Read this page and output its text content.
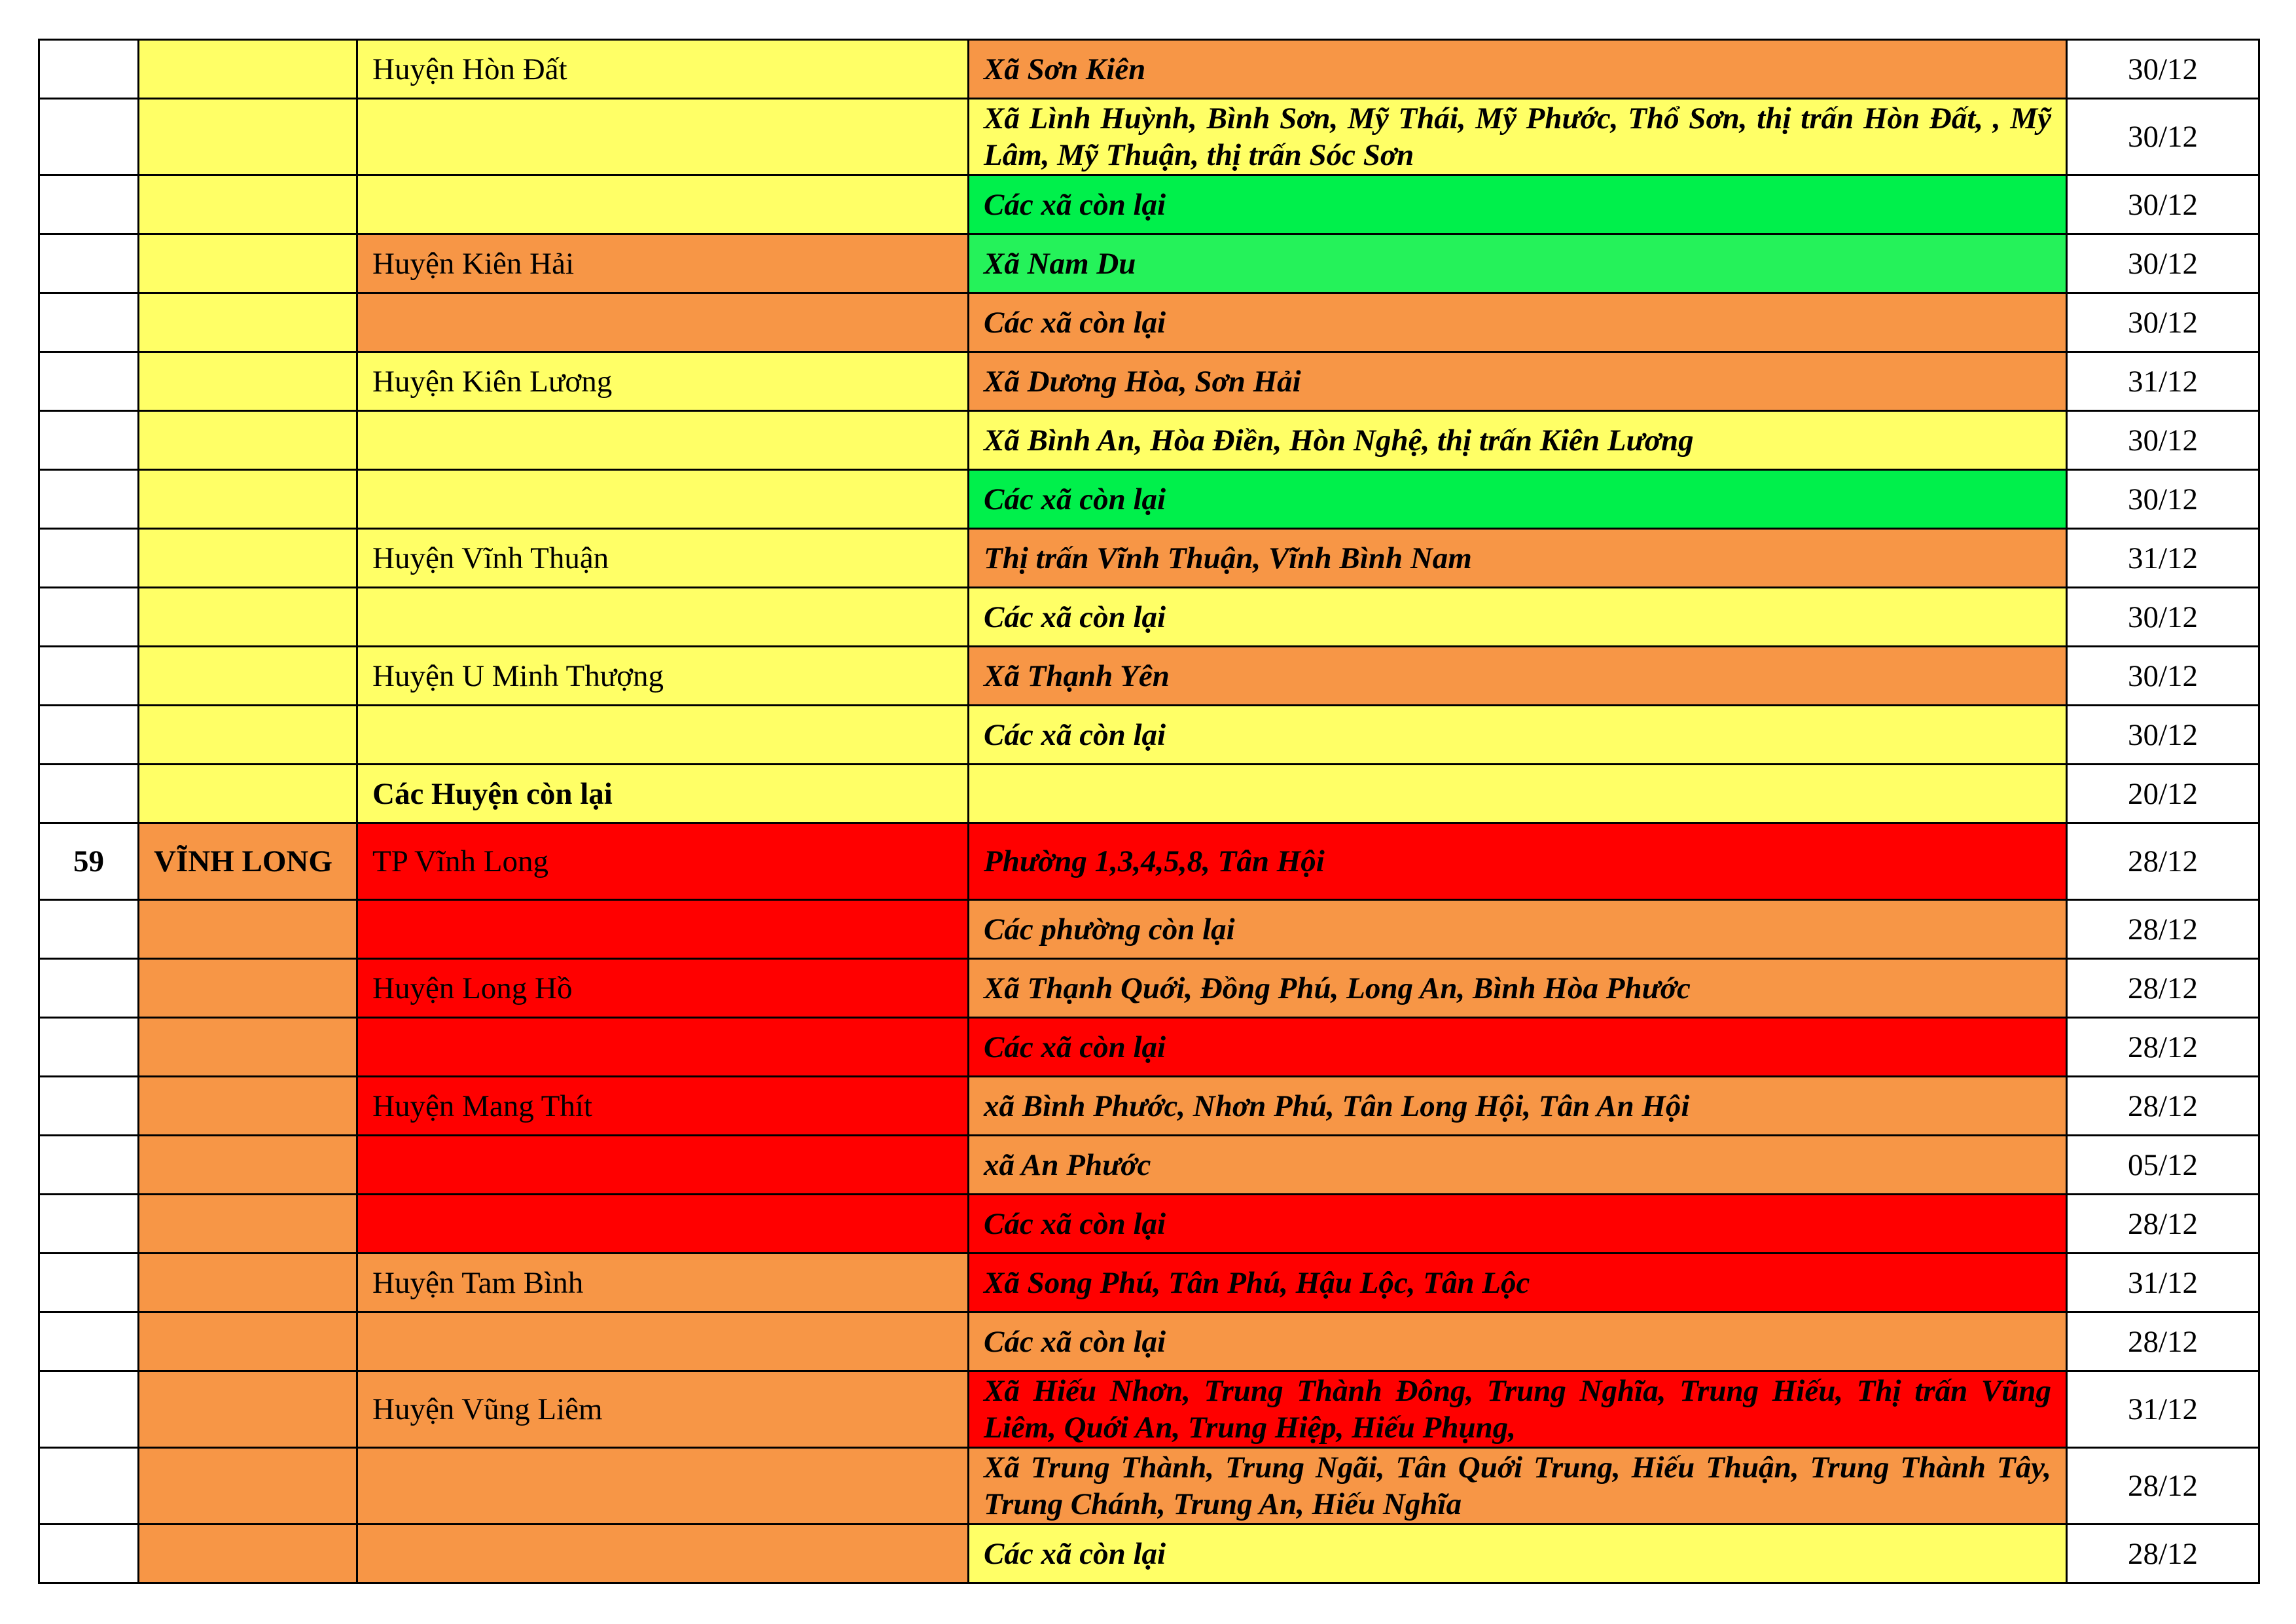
		Huyện Hòn Đất	Xã Sơn Kiên	30/12
			Xã Lình Huỳnh, Bình Sơn, Mỹ Thái, Mỹ Phước, Thổ Sơn, thị trấn Hòn Đất, , Mỹ Lâm, Mỹ Thuận, thị trấn Sóc Sơn	30/12
			Các xã còn lại	30/12
		Huyện Kiên Hải	Xã Nam Du	30/12
			Các xã còn lại	30/12
		Huyện Kiên Lương	Xã Dương Hòa, Sơn Hải	31/12
			Xã Bình An, Hòa Điền, Hòn Nghệ, thị trấn Kiên Lương	30/12
			Các xã còn lại	30/12
		Huyện Vĩnh Thuận	Thị trấn Vĩnh Thuận, Vĩnh Bình Nam	31/12
			Các xã còn lại	30/12
		Huyện U Minh Thượng	Xã Thạnh Yên	30/12
			Các xã còn lại	30/12
		Các Huyện còn lại		20/12
59	VĨNH LONG	TP Vĩnh Long	Phường 1,3,4,5,8, Tân Hội	28/12
			Các phường còn lại	28/12
		Huyện Long Hồ	Xã Thạnh Quới, Đồng Phú, Long An, Bình Hòa Phước	28/12
			Các xã còn lại	28/12
		Huyện Mang Thít	xã Bình Phước, Nhơn Phú, Tân Long Hội, Tân An Hội	28/12
			xã An Phước	05/12
			Các xã còn lại	28/12
		Huyện Tam Bình	Xã Song Phú, Tân Phú, Hậu Lộc, Tân Lộc	31/12
			Các xã còn lại	28/12
		Huyện Vũng Liêm	Xã Hiếu Nhơn, Trung Thành Đông, Trung Nghĩa, Trung Hiếu, Thị trấn Vũng Liêm, Quới An, Trung Hiệp, Hiếu Phụng,	31/12
			Xã Trung Thành, Trung Ngãi, Tân Quới Trung, Hiếu Thuận, Trung Thành Tây, Trung Chánh, Trung An, Hiếu Nghĩa	28/12
			Các xã còn lại	28/12
